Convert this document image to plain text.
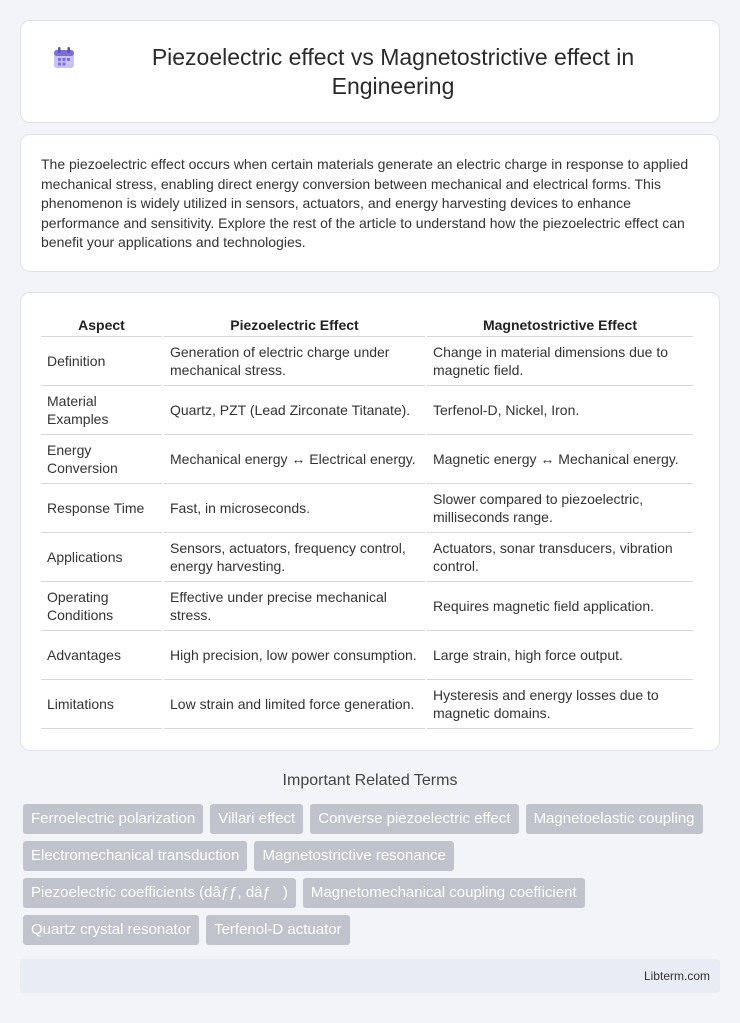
Piezoelectric effect vs Magnetostrictive effect in Engineering

The piezoelectric effect occurs when certain materials generate an electric charge in response to applied mechanical stress, enabling direct energy conversion between mechanical and electrical forms. This phenomenon is widely utilized in sensors, actuators, and energy harvesting devices to enhance performance and sensitivity. Explore the rest of the article to understand how the piezoelectric effect can benefit your applications and technologies.

Aspect	Piezoelectric Effect	Magnetostrictive Effect
Definition	Generation of electric charge under mechanical stress.	Change in material dimensions due to magnetic field.
Material Examples	Quartz, PZT (Lead Zirconate Titanate).	Terfenol-D, Nickel, Iron.
Energy Conversion	Mechanical energy ↔ Electrical energy.	Magnetic energy ↔ Mechanical energy.
Response Time	Fast, in microseconds.	Slower compared to piezoelectric, milliseconds range.
Applications	Sensors, actuators, frequency control, energy harvesting.	Actuators, sonar transducers, vibration control.
Operating Conditions	Effective under precise mechanical stress.	Requires magnetic field application.
Advantages	High precision, low power consumption.	Large strain, high force output.
Limitations	Low strain and limited force generation.	Hysteresis and energy losses due to magnetic domains.
Important Related Terms
Ferroelectric polarization	Villari effect	Converse piezoelectric effect	Magnetoelastic coupling
Electromechanical transduction	Magnetostrictive resonance
Piezoelectric coefficients (dâƒƒ, dâƒ)	Magnetomechanical coupling coefficient
Quartz crystal resonator	Terfenol-D actuator
Libterm.com
